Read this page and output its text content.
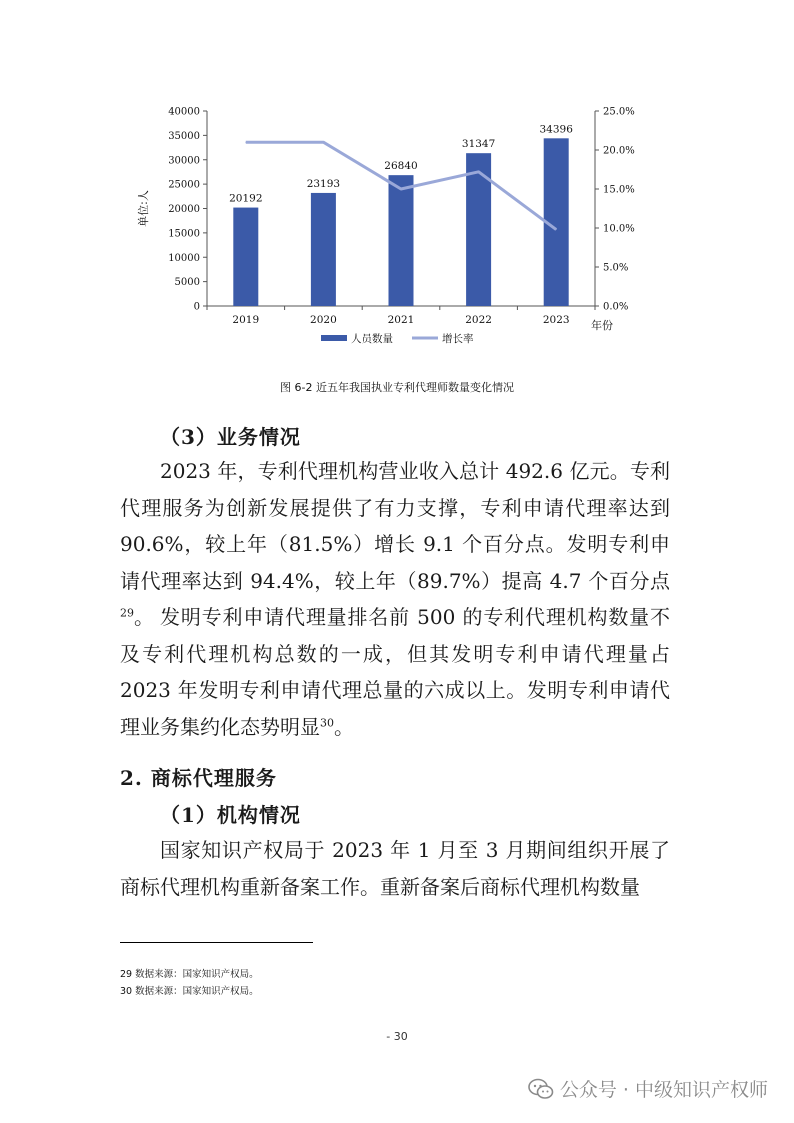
0
5000
10000
15000
20000
25000
30000
35000
40000
0.0%
5.0%
10.0%
15.0%
20.0%
25.0%
20192
2019
23193
2020
26840
2021
31347
2022
34396
2023
单位:人
年份
人员数量	增长率
图 6-2 近五年我国执业专利代理师数量变化情况
（3）业务情况

2023 年，专利代理机构营业收入总计 492.6 亿元。专利代理服务为创新发展提供了有力支撑，专利申请代理率达到 90.6%，较上年（81.5%）增长 9.1 个百分点。发明专利申请代理率达到 94.4%，较上年（89.7%）提高 4.7 个百分点$^{29}$。 发明专利申请代理量排名前 500 的专利代理机构数量不及专利代理机构总数的一成，但其发明专利申请代理量占 2023 年发明专利申请代理总量的六成以上。发明专利申请代理业务集约化态势明显$^{30}$。

2. 商标代理服务
（1）机构情况

国家知识产权局于 2023 年 1 月至 3 月期间组织开展了商标代理机构重新备案工作。重新备案后商标代理机构数量

29 数据来源：国家知识产权局。
30 数据来源：国家知识产权局。
- 30
公众号 · 中级知识产权师
